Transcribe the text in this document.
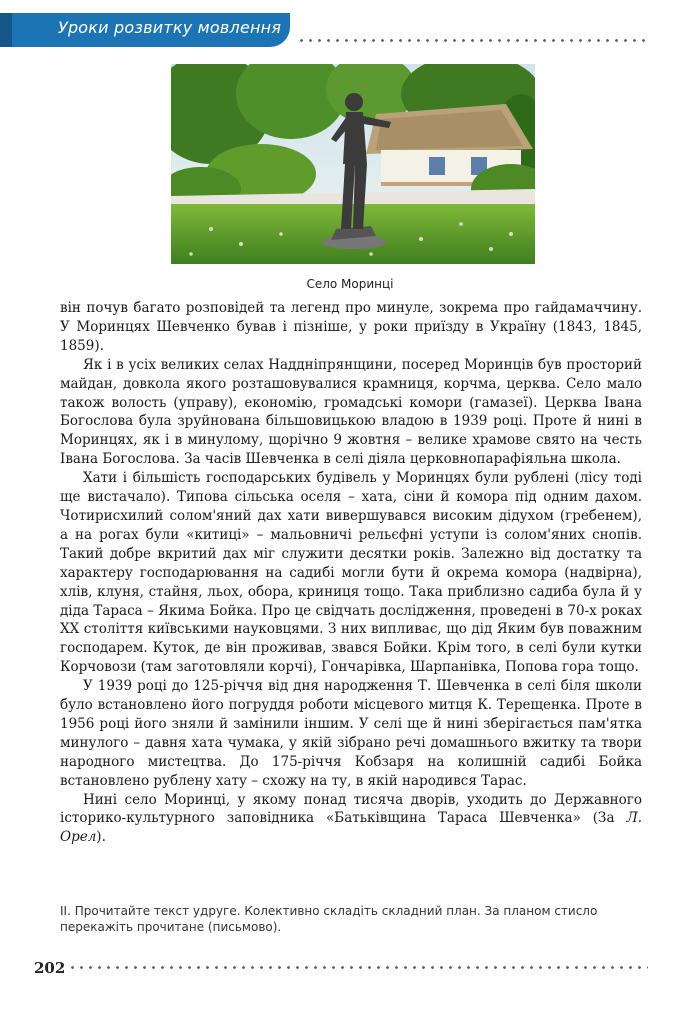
Уроки розвитку мовлення
Село Моринці

він почув багато розповідей та легенд про минуле, зокрема про гайдамаччину. У Моринцях Шевченко бував і пізніше, у роки приїзду в Україну (1843, 1845, 1859).

Як і в усіх великих селах Наддніпрянщини, посеред Моринців був просторий майдан, довкола якого розташовувалися крамниця, корчма, церква. Село мало також волость (управу), економію, громадські комори (гамазеї). Церква Івана Богослова була зруйнована більшовицькою владою в 1939 році. Проте й нині в Моринцях, як і в минулому, щорічно 9 жовтня – велике храмове свято на честь Івана Богослова. За часів Шевченка в селі діяла церковнопарафіяльна школа.

Хати і більшість господарських будівель у Моринцях були рублені (лісу тоді ще вистачало). Типова сільська оселя – хата, сіни й комора під одним дахом. Чотирисхилий солом'яний дах хати вивершувався високим дідухом (гребенем), а на рогах були «китиці» – мальовничі рельєфні уступи із солом'яних снопів. Такий добре вкритий дах міг служити десятки років. Залежно від достатку та характеру господарювання на садибі могли бути й окрема комора (надвірна), хлів, клуня, стайня, льох, обора, криниця тощо. Така приблизно садиба була й у діда Тараса – Якима Бойка. Про це свідчать дослідження, проведені в 70-х роках XX століття київськими науковцями. З них випливає, що дід Яким був поважним господарем. Куток, де він проживав, звався Бойки. Крім того, в селі були кутки Корчовози (там заготовляли корчі), Гончарівка, Шарпанівка, Попова гора тощо.

У 1939 році до 125-річчя від дня народження Т. Шевченка в селі біля школи було встановлено його погруддя роботи місцевого митця К. Терещенка. Проте в 1956 році його зняли й замінили іншим. У селі ще й нині зберігається пам'ятка минулого – давня хата чумака, у якій зібрано речі домашнього вжитку та твори народного мистецтва. До 175-річчя Кобзаря на колишній садибі Бойка встановлено рублену хату – схожу на ту, в якій народився Тарас.

Нині село Моринці, у якому понад тисяча дворів, уходить до Державного історико-культурного заповідника «Батьківщина Тараса Шевченка» (За Л. Орел).

ІІ. Прочитайте текст удруге. Колективно складіть складний план. За планом стисло перекажіть прочитане (письмово).
202
